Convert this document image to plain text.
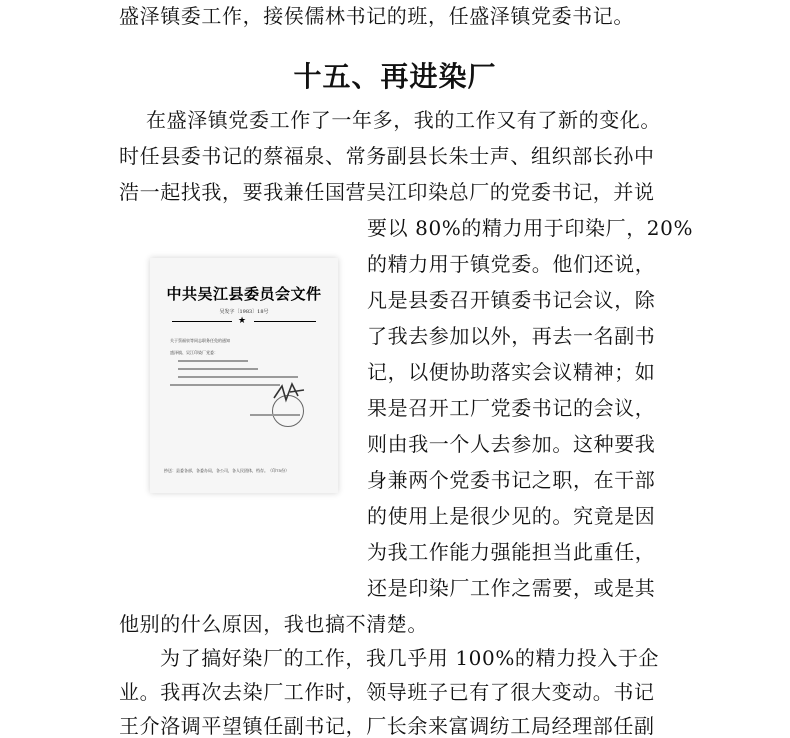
盛泽镇委工作，接侯儒林书记的班，任盛泽镇党委书记。
十五、再进染厂
在盛泽镇党委工作了一年多，我的工作又有了新的变化。
时任县委书记的蔡福泉、常务副县长朱士声、组织部长孙中
浩一起找我，要我兼任国营吴江印染总厂的党委书记，并说
要以 80%的精力用于印染厂，20%
的精力用于镇党委。他们还说，
凡是县委召开镇委书记会议，除
了我去参加以外，再去一名副书
记，以便协助落实会议精神；如
果是召开工厂党委书记的会议，
则由我一个人去参加。这种要我
身兼两个党委书记之职，在干部
的使用上是很少见的。究竟是因
为我工作能力强能担当此重任，
还是印染厂工作之需要，或是其
他别的什么原因，我也搞不清楚。
为了搞好染厂的工作，我几乎用 100%的精力投入于企
业。我再次去染厂工作时，领导班子已有了很大变动。书记
王介洛调平望镇任副书记，厂长余来富调纺工局经理部任副
中共吴江县委员会文件
吴发字〔1983〕18号
★
关于蔡福泉等同志职务任免的通知
盛泽镇、吴江印染厂党委：
抄送：县委各部，各委办局，各公司，各人民团体，档存。（印75份）
